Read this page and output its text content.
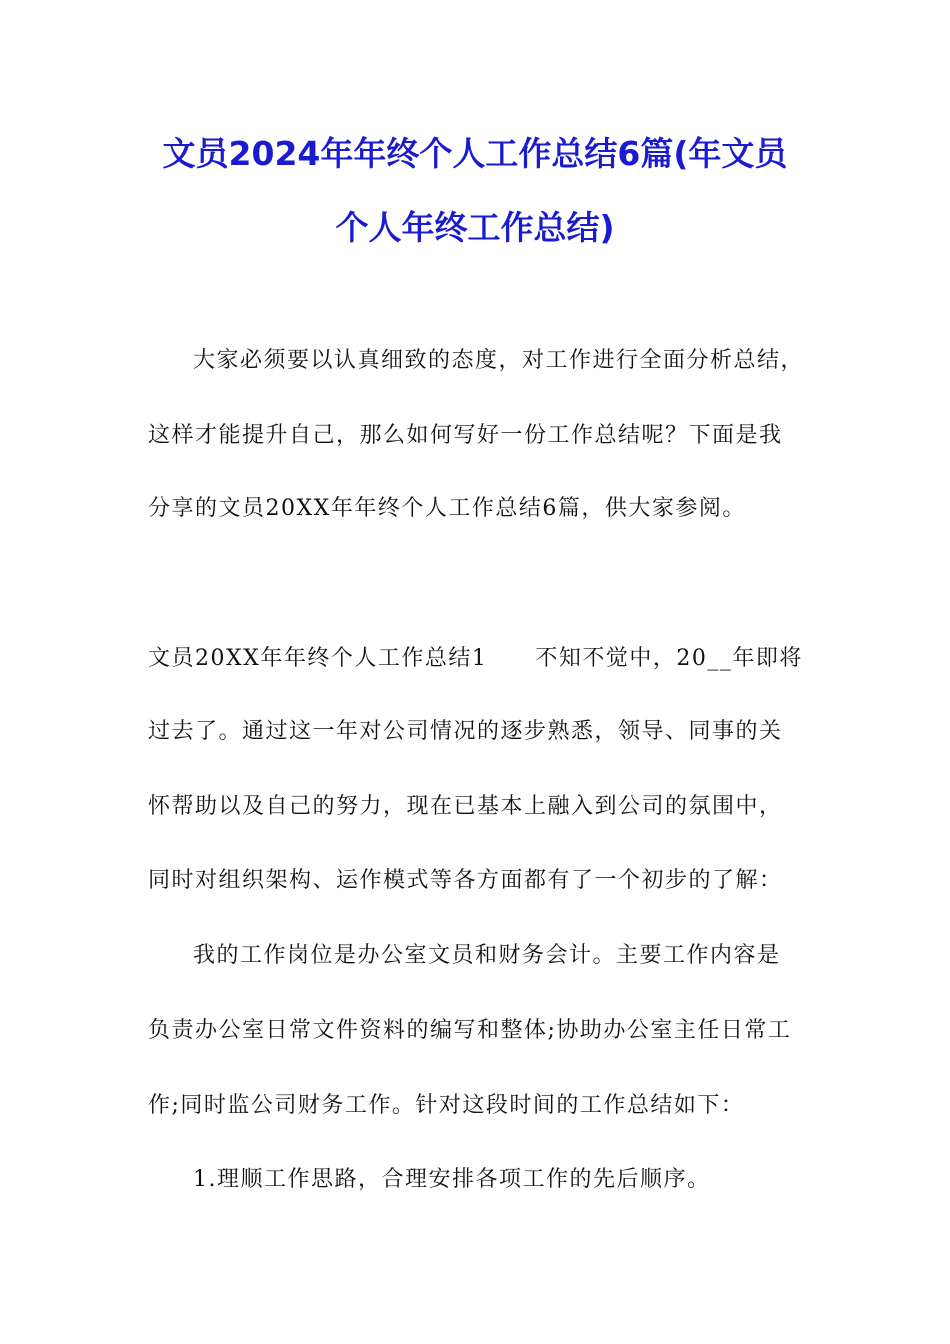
文员2024年年终个人工作总结6篇(年文员
个人年终工作总结)
大家必须要以认真细致的态度，对工作进行全面分析总结，
这样才能提升自己，那么如何写好一份工作总结呢？下面是我
分享的文员20XX年年终个人工作总结6篇，供大家参阅。
文员20XX年年终个人工作总结1 不知不觉中，20__年即将
过去了。通过这一年对公司情况的逐步熟悉，领导、同事的关
怀帮助以及自己的努力，现在已基本上融入到公司的氛围中，
同时对组织架构、运作模式等各方面都有了一个初步的了解：
我的工作岗位是办公室文员和财务会计。主要工作内容是
负责办公室日常文件资料的编写和整体;协助办公室主任日常工
作;同时监公司财务工作。针对这段时间的工作总结如下：
1.理顺工作思路，合理安排各项工作的先后顺序。
